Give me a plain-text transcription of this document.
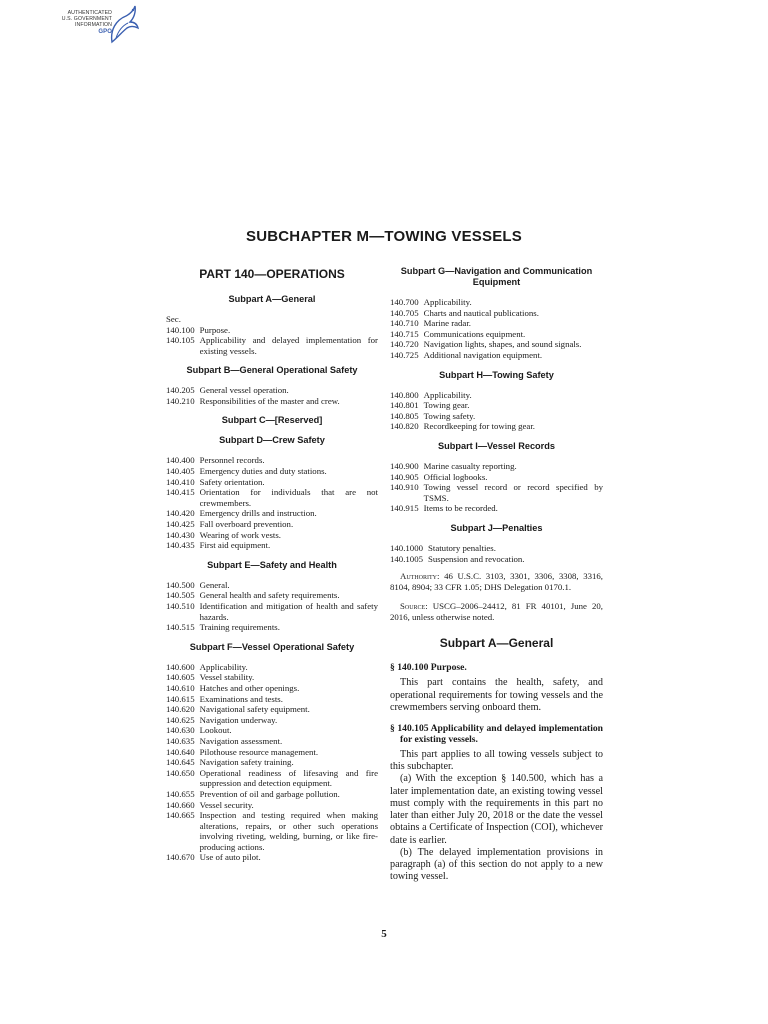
AUTHENTICATED
U.S. GOVERNMENT
INFORMATION

GPO
SUBCHAPTER M—TOWING VESSELS
PART 140—OPERATIONS
Subpart A—General
Sec.
140.100 Purpose.
140.105 Applicability and delayed implementation for existing vessels.
Subpart B—General Operational Safety
140.205 General vessel operation.
140.210 Responsibilities of the master and crew.
Subpart C—[Reserved]
Subpart D—Crew Safety
140.400 Personnel records.
140.405 Emergency duties and duty stations.
140.410 Safety orientation.
140.415 Orientation for individuals that are not crewmembers.
140.420 Emergency drills and instruction.
140.425 Fall overboard prevention.
140.430 Wearing of work vests.
140.435 First aid equipment.
Subpart E—Safety and Health
140.500 General.
140.505 General health and safety requirements.
140.510 Identification and mitigation of health and safety hazards.
140.515 Training requirements.
Subpart F—Vessel Operational Safety
140.600 Applicability.
140.605 Vessel stability.
140.610 Hatches and other openings.
140.615 Examinations and tests.
140.620 Navigational safety equipment.
140.625 Navigation underway.
140.630 Lookout.
140.635 Navigation assessment.
140.640 Pilothouse resource management.
140.645 Navigation safety training.
140.650 Operational readiness of lifesaving and fire suppression and detection equipment.
140.655 Prevention of oil and garbage pollution.
140.660 Vessel security.
140.665 Inspection and testing required when making alterations, repairs, or other such operations involving riveting, welding, burning, or like fire-producing actions.
140.670 Use of auto pilot.
Subpart G—Navigation and Communication Equipment
140.700 Applicability.
140.705 Charts and nautical publications.
140.710 Marine radar.
140.715 Communications equipment.
140.720 Navigation lights, shapes, and sound signals.
140.725 Additional navigation equipment.
Subpart H—Towing Safety
140.800 Applicability.
140.801 Towing gear.
140.805 Towing safety.
140.820 Recordkeeping for towing gear.
Subpart I—Vessel Records
140.900 Marine casualty reporting.
140.905 Official logbooks.
140.910 Towing vessel record or record specified by TSMS.
140.915 Items to be recorded.
Subpart J—Penalties
140.1000 Statutory penalties.
140.1005 Suspension and revocation.

Authority: 46 U.S.C. 3103, 3301, 3306, 3308, 3316, 8104, 8904; 33 CFR 1.05; DHS Delegation 0170.1.

Source: USCG–2006–24412, 81 FR 40101, June 20, 2016, unless otherwise noted.

Subpart A—General
§ 140.100 Purpose.

This part contains the health, safety, and operational requirements for towing vessels and the crewmembers serving onboard them.

§ 140.105 Applicability and delayed implementation for existing vessels.

This part applies to all towing vessels subject to this subchapter.

(a) With the exception § 140.500, which has a later implementation date, an existing towing vessel must comply with the requirements in this part no later than either July 20, 2018 or the date the vessel obtains a Certificate of Inspection (COI), whichever date is earlier.

(b) The delayed implementation provisions in paragraph (a) of this section do not apply to a new towing vessel.

5
